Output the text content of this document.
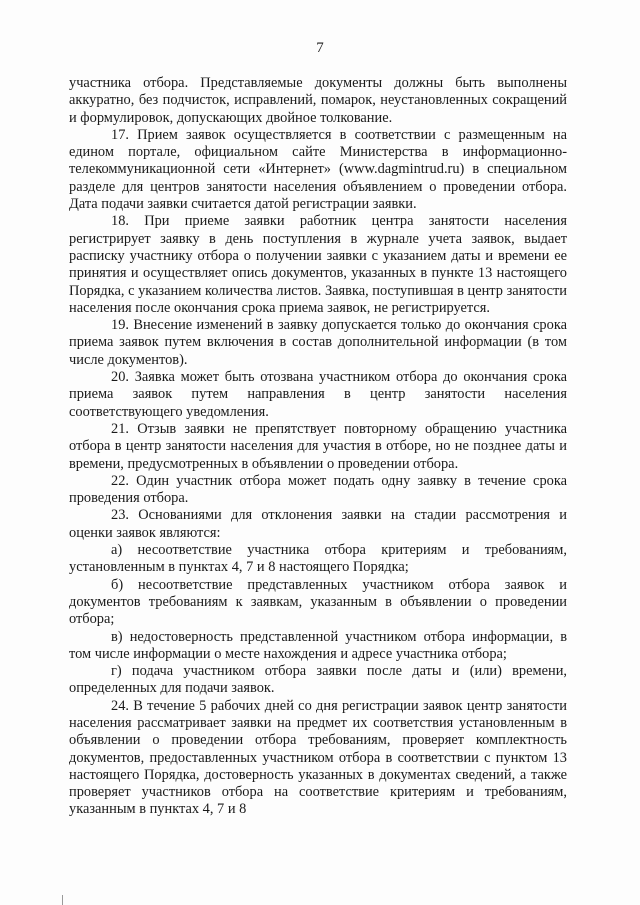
7

участника отбора. Представляемые документы должны быть выполнены аккуратно, без подчисток, исправлений, помарок, неустановленных сокращений и формулировок, допускающих двойное толкование.

17. Прием заявок осуществляется в соответствии с размещенным на едином портале, официальном сайте Министерства в информационно-телекоммуникационной сети «Интернет» (www.dagmintrud.ru) в специальном разделе для центров занятости населения объявлением о проведении отбора. Дата подачи заявки считается датой регистрации заявки.

18. При приеме заявки работник центра занятости населения регистрирует заявку в день поступления в журнале учета заявок, выдает расписку участнику отбора о получении заявки с указанием даты и времени ее принятия и осуществляет опись документов, указанных в пункте 13 настоящего Порядка, с указанием количества листов. Заявка, поступившая в центр занятости населения после окончания срока приема заявок, не регистрируется.

19. Внесение изменений в заявку допускается только до окончания срока приема заявок путем включения в состав дополнительной информации (в том числе документов).

20. Заявка может быть отозвана участником отбора до окончания срока приема заявок путем направления в центр занятости населения соответствующего уведомления.

21. Отзыв заявки не препятствует повторному обращению участника отбора в центр занятости населения для участия в отборе, но не позднее даты и времени, предусмотренных в объявлении о проведении отбора.

22. Один участник отбора может подать одну заявку в течение срока проведения отбора.

23. Основаниями для отклонения заявки на стадии рассмотрения и оценки заявок являются:

а) несоответствие участника отбора критериям и требованиям, установленным в пунктах 4, 7 и 8 настоящего Порядка;

б) несоответствие представленных участником отбора заявок и документов требованиям к заявкам, указанным в объявлении о проведении отбора;

в) недостоверность представленной участником отбора информации, в том числе информации о месте нахождения и адресе участника отбора;

г) подача участником отбора заявки после даты и (или) времени, определенных для подачи заявок.

24. В течение 5 рабочих дней со дня регистрации заявок центр занятости населения рассматривает заявки на предмет их соответствия установленным в объявлении о проведении отбора требованиям, проверяет комплектность документов, предоставленных участником отбора в соответствии с пунктом 13 настоящего Порядка, достоверность указанных в документах сведений, а также проверяет участников отбора на соответствие критериям и требованиям, указанным в пунктах 4, 7 и 8
